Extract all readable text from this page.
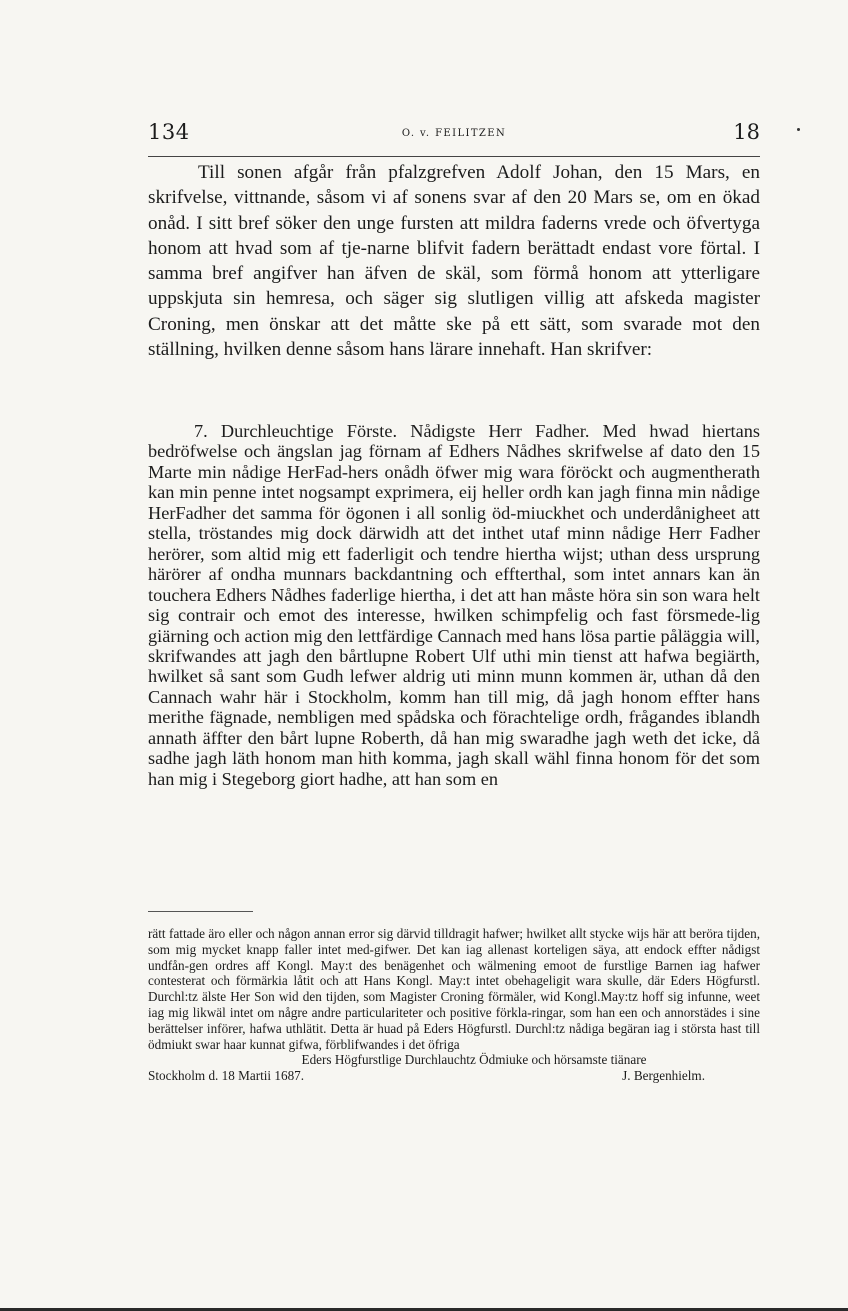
134	O. v. FEILITZEN	18

Till sonen afgår från pfalzgrefven Adolf Johan, den 15 Mars, en skrifvelse, vittnande, såsom vi af sonens svar af den 20 Mars se, om en ökad onåd. I sitt bref söker den unge fursten att mildra faderns vrede och öfvertyga honom att hvad som af tje-narne blifvit fadern berättadt endast vore förtal. I samma bref angifver han äfven de skäl, som förmå honom att ytterligare uppskjuta sin hemresa, och säger sig slutligen villig att afskeda magister Croning, men önskar att det måtte ske på ett sätt, som svarade mot den ställning, hvilken denne såsom hans lärare innehaft. Han skrifver:

7. Durchleuchtige Förste. Nådigste Herr Fadher. Med hwad hiertans bedröfwelse och ängslan jag förnam af Edhers Nådhes skrifwelse af dato den 15 Marte min nådige HerFad-hers onådh öfwer mig wara föröckt och augmentherath kan min penne intet nogsampt exprimera, eij heller ordh kan jagh finna min nådige HerFadher det samma för ögonen i all sonlig öd-miuckhet och underdånigheet att stella, tröstandes mig dock därwidh att det inthet utaf minn nådige Herr Fadher herörer, som altid mig ett faderligit och tendre hiertha wijst; uthan dess ursprung härörer af ondha munnars backdantning och effterthal, som intet annars kan än touchera Edhers Nådhes faderlige hiertha, i det att han måste höra sin son wara helt sig contrair och emot des interesse, hwilken schimpfelig och fast försmede-lig giärning och action mig den lettfärdige Cannach med hans lösa partie påläggia will, skrifwandes att jagh den bårtlupne Robert Ulf uthi min tienst att hafwa begiärth, hwilket så sant som Gudh lefwer aldrig uti minn munn kommen är, uthan då den Cannach wahr här i Stockholm, komm han till mig, då jagh honom effter hans merithe fägnade, nembligen med spådska och förachtelige ordh, frågandes iblandh annath äffter den bårt lupne Roberth, då han mig swaradhe jagh weth det icke, då sadhe jagh läth honom man hith komma, jagh skall wähl finna honom för det som han mig i Stegeborg giort hadhe, att han som en

rätt fattade äro eller och någon annan error sig därvid tilldragit hafwer; hwilket allt stycke wijs här att beröra tijden, som mig mycket knapp faller intet med-gifwer. Det kan iag allenast korteligen säya, att endock effter nådigst undfån-gen ordres aff Kongl. May:t des benägenhet och wälmening emoot de furstlige Barnen iag hafwer contesterat och förmärkia låtit och att Hans Kongl. May:t intet obehageligit wara skulle, där Eders Högfurstl. Durchl:tz älste Her Son wid den tijden, som Magister Croning förmäler, wid Kongl.May:tz hoff sig infunne, weet iag mig likwäl intet om någre andre particulariteter och positive förkla-ringar, som han een och annorstädes i sine berättelser införer, hafwa uthlätit. Detta är huad på Eders Högfurstl. Durchl:tz nådiga begäran iag i största hast till ödmiukt swar haar kunnat gifwa, förblifwandes i det öfriga

Eders Högfurstlige Durchlauchtz Ödmiuke och hörsamste tiänare

Stockholm d. 18 Martii 1687.	J. Bergenhielm.
